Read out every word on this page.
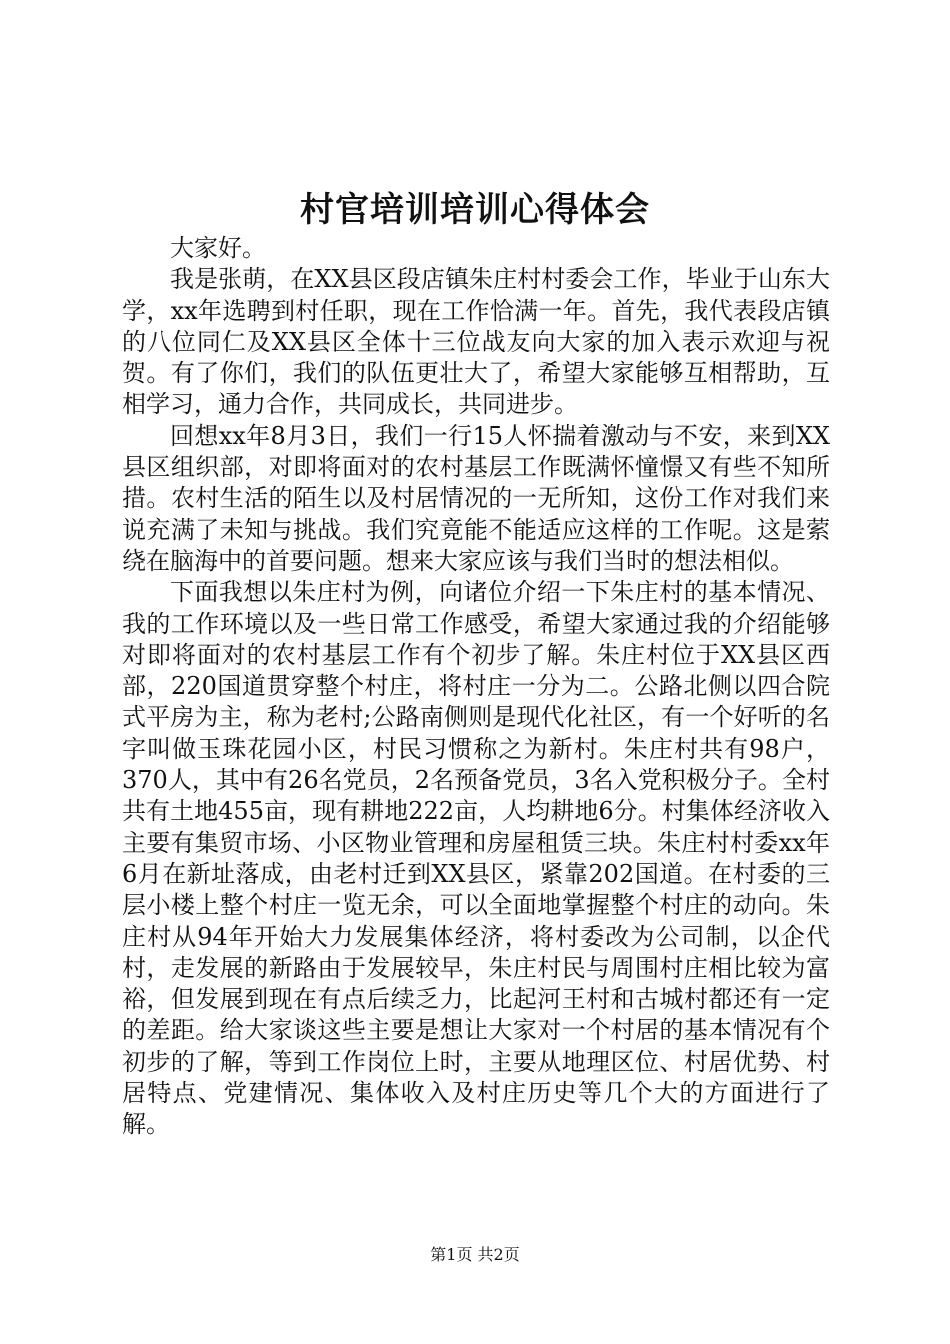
村官培训培训心得体会

大家好。

我是张萌，在XX县区段店镇朱庄村村委会工作，毕业于山东大学，xx年选聘到村任职，现在工作恰满一年。首先，我代表段店镇的八位同仁及XX县区全体十三位战友向大家的加入表示欢迎与祝贺。有了你们，我们的队伍更壮大了，希望大家能够互相帮助，互相学习，通力合作，共同成长，共同进步。

回想xx年8月3日，我们一行15人怀揣着激动与不安，来到XX县区组织部，对即将面对的农村基层工作既满怀憧憬又有些不知所措。农村生活的陌生以及村居情况的一无所知，这份工作对我们来说充满了未知与挑战。我们究竟能不能适应这样的工作呢。这是萦绕在脑海中的首要问题。想来大家应该与我们当时的想法相似。

下面我想以朱庄村为例，向诸位介绍一下朱庄村的基本情况、我的工作环境以及一些日常工作感受，希望大家通过我的介绍能够对即将面对的农村基层工作有个初步了解。朱庄村位于XX县区西部，220国道贯穿整个村庄，将村庄一分为二。公路北侧以四合院式平房为主，称为老村;公路南侧则是现代化社区，有一个好听的名字叫做玉珠花园小区，村民习惯称之为新村。朱庄村共有98户，370人，其中有26名党员，2名预备党员，3名入党积极分子。全村共有土地455亩，现有耕地222亩，人均耕地6分。村集体经济收入主要有集贸市场、小区物业管理和房屋租赁三块。朱庄村村委xx年6月在新址落成，由老村迁到XX县区，紧靠202国道。在村委的三层小楼上整个村庄一览无余，可以全面地掌握整个村庄的动向。朱庄村从94年开始大力发展集体经济，将村委改为公司制，以企代村，走发展的新路由于发展较早，朱庄村民与周围村庄相比较为富裕，但发展到现在有点后续乏力，比起河王村和古城村都还有一定的差距。给大家谈这些主要是想让大家对一个村居的基本情况有个初步的了解，等到工作岗位上时，主要从地理区位、村居优势、村居特点、党建情况、集体收入及村庄历史等几个大的方面进行了解。

第1页 共2页
